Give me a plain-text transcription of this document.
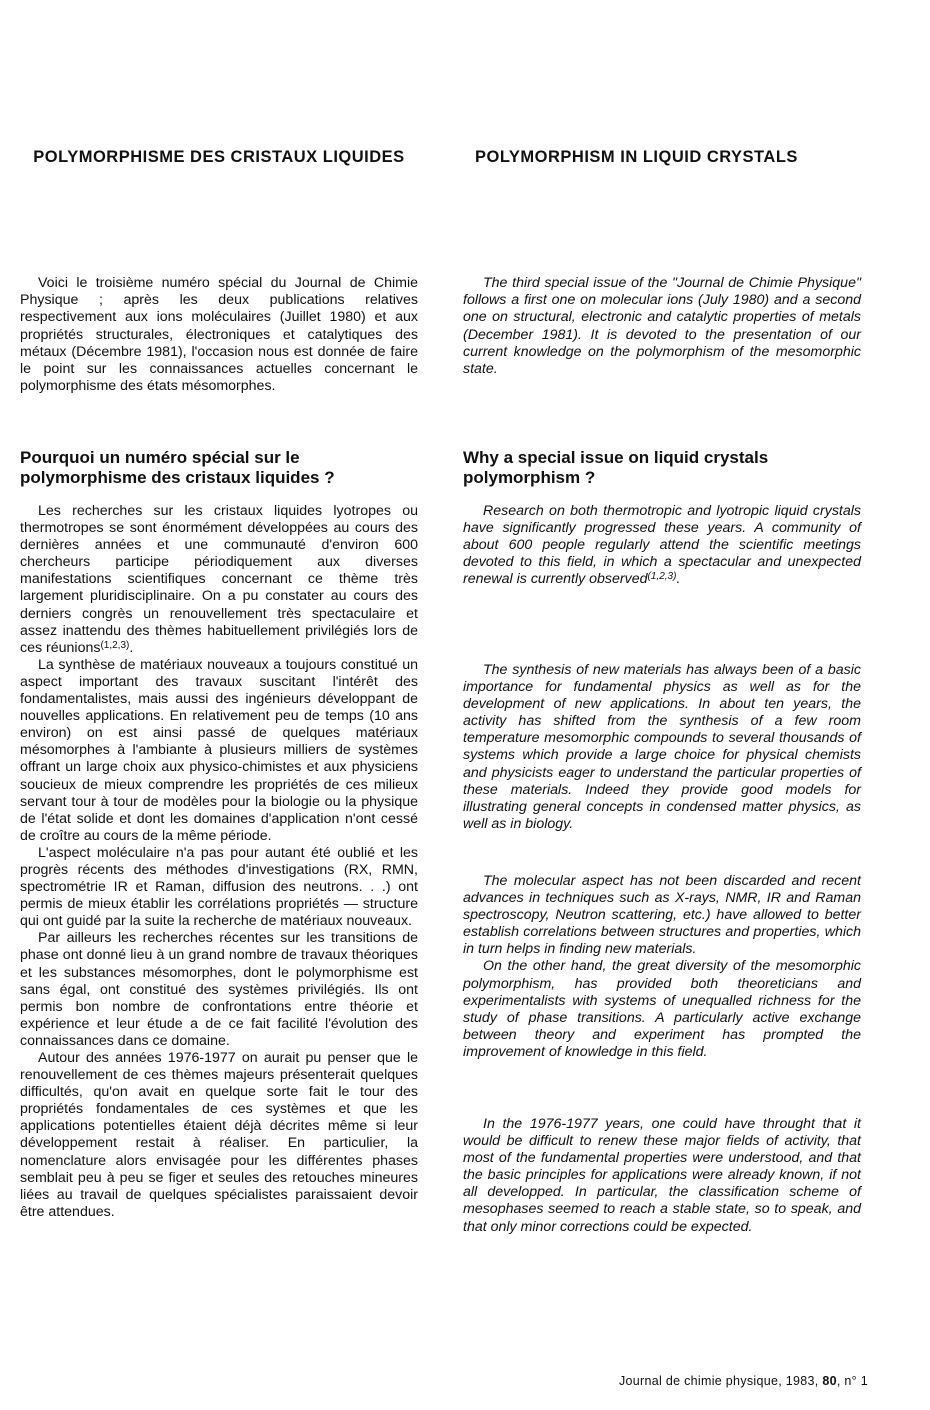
POLYMORPHISME DES CRISTAUX LIQUIDES
Voici le troisième numéro spécial du Journal de Chimie Physique ; après les deux publications relatives respectivement aux ions moléculaires (Juillet 1980) et aux propriétés structurales, électroniques et catalytiques des métaux (Décembre 1981), l'occasion nous est donnée de faire le point sur les connaissances actuelles concernant le polymorphisme des états mésomorphes.
Pourquoi un numéro spécial sur le polymorphisme des cristaux liquides ?

Les recherches sur les cristaux liquides lyotropes ou thermotropes se sont énormément développées au cours des dernières années et une communauté d'environ 600 chercheurs participe périodiquement aux diverses manifestations scientifiques concernant ce thème très largement pluridisciplinaire. On a pu constater au cours des derniers congrès un renouvellement très spectaculaire et assez inattendu des thèmes habituellement privilégiés lors de ces réunions$^{(1,2,3)}$.

La synthèse de matériaux nouveaux a toujours constitué un aspect important des travaux suscitant l'intérêt des fondamentalistes, mais aussi des ingénieurs développant de nouvelles applications. En relativement peu de temps (10 ans environ) on est ainsi passé de quelques matériaux mésomorphes à l'ambiante à plusieurs milliers de systèmes offrant un large choix aux physico-chimistes et aux physiciens soucieux de mieux comprendre les propriétés de ces milieux servant tour à tour de modèles pour la biologie ou la physique de l'état solide et dont les domaines d'application n'ont cessé de croître au cours de la même période.

L'aspect moléculaire n'a pas pour autant été oublié et les progrès récents des méthodes d'investigations (RX, RMN, spectrométrie IR et Raman, diffusion des neutrons. . .) ont permis de mieux établir les corrélations propriétés — structure qui ont guidé par la suite la recherche de matériaux nouveaux.

Par ailleurs les recherches récentes sur les transitions de phase ont donné lieu à un grand nombre de travaux théoriques et les substances mésomorphes, dont le polymorphisme est sans égal, ont constitué des systèmes privilégiés. Ils ont permis bon nombre de confrontations entre théorie et expérience et leur étude a de ce fait facilité l'évolution des connaissances dans ce domaine.

Autour des années 1976-1977 on aurait pu penser que le renouvellement de ces thèmes majeurs présenterait quelques difficultés, qu'on avait en quelque sorte fait le tour des propriétés fondamentales de ces systèmes et que les applications potentielles étaient déjà décrites même si leur développement restait à réaliser. En particulier, la nomenclature alors envisagée pour les différentes phases semblait peu à peu se figer et seules des retouches mineures liées au travail de quelques spécialistes paraissaient devoir être attendues.

POLYMORPHISM IN LIQUID CRYSTALS
The third special issue of the "Journal de Chimie Physique" follows a first one on molecular ions (July 1980) and a second one on structural, electronic and catalytic properties of metals (December 1981). It is devoted to the presentation of our current knowledge on the polymorphism of the mesomorphic state.
Why a special issue on liquid crystals polymorphism ?

Research on both thermotropic and lyotropic liquid crystals have significantly progressed these years. A community of about 600 people regularly attend the scientific meetings devoted to this field, in which a spectacular and unexpected renewal is currently observed$^{(1,2,3)}$.

The synthesis of new materials has always been of a basic importance for fundamental physics as well as for the development of new applications. In about ten years, the activity has shifted from the synthesis of a few room temperature mesomorphic compounds to several thousands of systems which provide a large choice for physical chemists and physicists eager to understand the particular properties of these materials. Indeed they provide good models for illustrating general concepts in condensed matter physics, as well as in biology.

The molecular aspect has not been discarded and recent advances in techniques such as X-rays, NMR, IR and Raman spectroscopy, Neutron scattering, etc.) have allowed to better establish correlations between structures and properties, which in turn helps in finding new materials.

On the other hand, the great diversity of the mesomorphic polymorphism, has provided both theoreticians and experimentalists with systems of unequalled richness for the study of phase transitions. A particularly active exchange between theory and experiment has prompted the improvement of knowledge in this field.

In the 1976-1977 years, one could have throught that it would be difficult to renew these major fields of activity, that most of the fundamental properties were understood, and that the basic principles for applications were already known, if not all developped. In particular, the classification scheme of mesophases seemed to reach a stable state, so to speak, and that only minor corrections could be expected.

Journal de chimie physique, 1983, 80, n° 1
